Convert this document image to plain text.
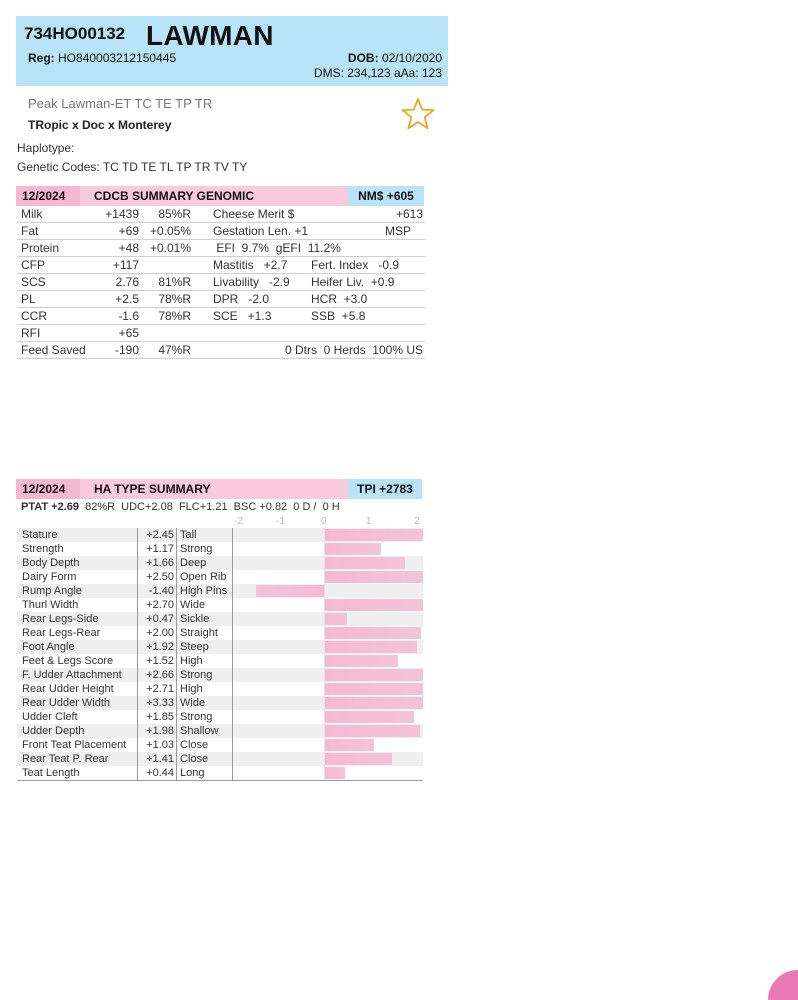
734HO00132 LAWMAN
Reg: HO840003212150445	DOB: 02/10/2020
DMS: 234,123 aAa: 123
Peak Lawman-ET TC TE TP TR
TRopic x Doc x Monterey
Haplotype:
Genetic Codes: TC TD TE TL TP TR TV TY
12/2024	CDCB SUMMARY GENOMIC	NM$ +605
Milk	+1439	85%R	Cheese Merit $	+613
Fat	+69	+0.05%	Gestation Len. +1	MSP
Protein	+48	+0.01%	EFI  9.7%  gEFI  11.2%	
CFP	+117		Mastitis   +2.7	Fert. Index   -0.9
SCS	2.76	81%R	Livability   -2.9	Heifer Liv.  +0.9
PL	+2.5	78%R	DPR   -2.0	HCR  +3.0
CCR	-1.6	78%R	SCE   +1.3	SSB  +5.8
RFI	+65			
Feed Saved	-190	47%R	0 Dtrs  0 Herds  100% US	
12/2024	HA TYPE SUMMARY	TPI +2783
PTAT +2.69  82%R  UDC+2.08  FLC+1.21  BSC +0.82  0 D /  0 H
-2	-1	0	1	2
Stature	+2.45 Tall
Strength	+1.17 Strong
Body Depth	+1.66 Deep
Dairy Form	+2.50 Open Rib
Rump Angle	-1.40 High Pins
Thurl Width	+2.70 Wide
Rear Legs-Side	+0.47 Sickle
Rear Legs-Rear	+2.00 Straight
Foot Angle	+1.92 Steep
Feet & Legs Score	+1.52 High
F. Udder Attachment	+2.66 Strong
Rear Udder Height	+2.71 High
Rear Udder Width	+3.33 Wide
Udder Cleft	+1.85 Strong
Udder Depth	+1.98 Shallow
Front Teat Placement	+1.03 Close
Rear Teat P. Rear	+1.41 Close
Teat Length	+0.44 Long
